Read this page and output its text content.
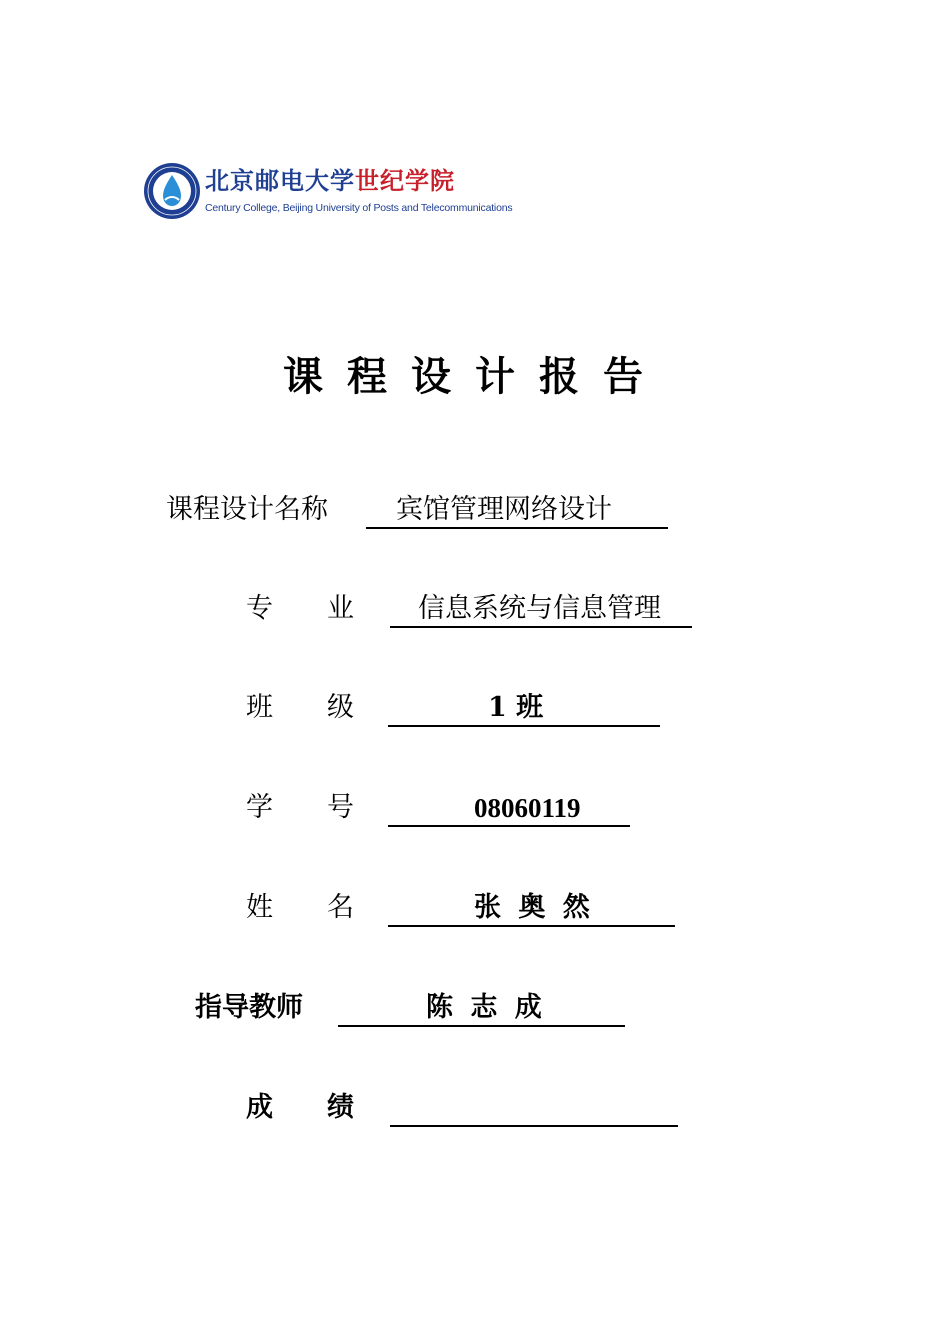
北京邮电大学世纪学院
Century College, Beijing University of Posts and Telecommunications
课程设计报告
课程设计名称	宾馆管理网络设计
专　　业 信息系统与信息管理
班　　级	1 班
学　　号	08060119
姓　　名	张 奥 然
指导教师	陈 志 成
成　　绩
